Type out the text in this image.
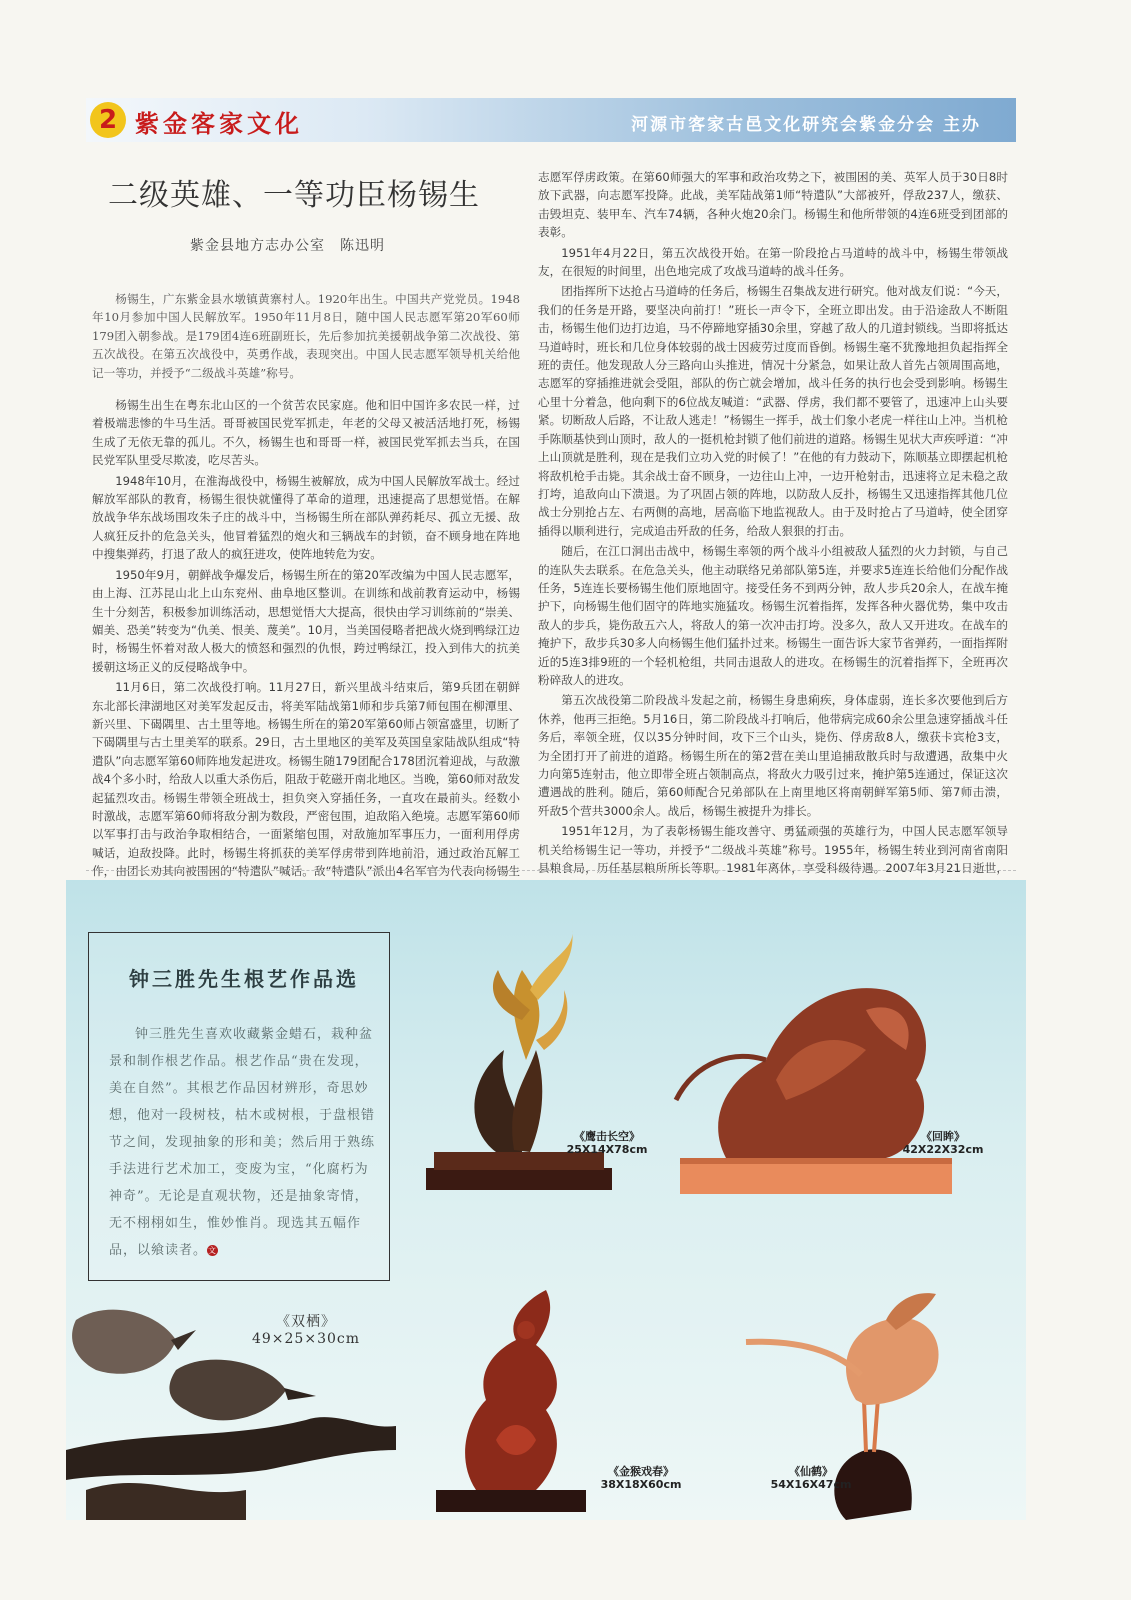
2 紫金客家文化	河源市客家古邑文化研究会紫金分会 主办
二级英雄、一等功臣杨锡生
紫金县地方志办公室　陈迅明

杨锡生，广东紫金县水墩镇黄寨村人。1920年出生。中国共产党党员。1948年10月参加中国人民解放军。1950年11月8日，随中国人民志愿军第20军60师179团入朝参战。是179团4连6班副班长，先后参加抗美援朝战争第二次战役、第五次战役。在第五次战役中，英勇作战，表现突出。中国人民志愿军领导机关给他记一等功，并授予“二级战斗英雄”称号。

杨锡生出生在粤东北山区的一个贫苦农民家庭。他和旧中国许多农民一样，过着极端悲惨的牛马生活。哥哥被国民党军抓走，年老的父母又被活活地打死，杨锡生成了无依无靠的孤儿。不久，杨锡生也和哥哥一样，被国民党军抓去当兵，在国民党军队里受尽欺凌，吃尽苦头。

1948年10月，在淮海战役中，杨锡生被解放，成为中国人民解放军战士。经过解放军部队的教育，杨锡生很快就懂得了革命的道理，迅速提高了思想觉悟。在解放战争华东战场围攻朱子庄的战斗中，当杨锡生所在部队弹药耗尽、孤立无援、敌人疯狂反扑的危急关头，他冒着猛烈的炮火和三辆战车的封锁，奋不顾身地在阵地中搜集弹药，打退了敌人的疯狂进攻，使阵地转危为安。

1950年9月，朝鲜战争爆发后，杨锡生所在的第20军改编为中国人民志愿军，由上海、江苏昆山北上山东兖州、曲阜地区整训。在训练和战前教育运动中，杨锡生十分刻苦，积极参加训练活动，思想觉悟大大提高，很快由学习训练前的“崇美、媚美、恐美”转变为“仇美、恨美、蔑美”。10月，当美国侵略者把战火烧到鸭绿江边时，杨锡生怀着对敌人极大的愤怒和强烈的仇恨，跨过鸭绿江，投入到伟大的抗美援朝这场正义的反侵略战争中。

11月6日，第二次战役打响。11月27日，新兴里战斗结束后，第9兵团在朝鲜东北部长津湖地区对美军发起反击，将美军陆战第1师和步兵第7师包围在柳潭里、新兴里、下碣隅里、古土里等地。杨锡生所在的第20军第60师占领富盛里，切断了下碣隅里与古土里美军的联系。29日，古土里地区的美军及英国皇家陆战队组成“特遣队”向志愿军第60师阵地发起进攻。杨锡生随179团配合178团沉着迎战，与敌激战4个多小时，给敌人以重大杀伤后，阻敌于乾磁开南北地区。当晚，第60师对敌发起猛烈攻击。杨锡生带领全班战士，担负突入穿插任务，一直攻在最前头。经数小时激战，志愿军第60师将敌分割为数段，严密包围，迫敌陷入绝境。志愿军第60师以军事打击与政治争取相结合，一面紧缩包围，对敌施加军事压力，一面利用俘虏喊话，迫敌投降。此时，杨锡生将抓获的美军俘虏带到阵地前沿，通过政治瓦解工作，由团长劝其向被围困的“特遣队”喊话。敌“特遣队”派出4名军官为代表向杨锡生

志愿军俘虏政策。在第60师强大的军事和政治攻势之下，被围困的美、英军人员于30日8时放下武器，向志愿军投降。此战，美军陆战第1师“特遣队”大部被歼，俘敌237人，缴获、击毁坦克、装甲车、汽车74辆，各种火炮20余门。杨锡生和他所带领的4连6班受到团部的表彰。

1951年4月22日，第五次战役开始。在第一阶段抢占马道峙的战斗中，杨锡生带领战友，在很短的时间里，出色地完成了攻战马道峙的战斗任务。

团指挥所下达抢占马道峙的任务后，杨锡生召集战友进行研究。他对战友们说：“今天，我们的任务是开路，要坚决向前打！”班长一声令下，全班立即出发。由于沿途敌人不断阻击，杨锡生他们边打边追，马不停蹄地穿插30余里，穿越了敌人的几道封锁线。当即将抵达马道峙时，班长和几位身体较弱的战士因疲劳过度而昏倒。杨锡生毫不犹豫地担负起指挥全班的责任。他发现敌人分三路向山头推进，情况十分紧急，如果让敌人首先占领周围高地，志愿军的穿插推进就会受阻，部队的伤亡就会增加，战斗任务的执行也会受到影响。杨锡生心里十分着急，他向剩下的6位战友喊道：“武器、俘虏，我们都不要管了，迅速冲上山头要紧。切断敌人后路，不让敌人逃走！”杨锡生一挥手，战士们象小老虎一样往山上冲。当机枪手陈顺基快到山顶时，敌人的一挺机枪封锁了他们前进的道路。杨锡生见状大声疾呼道：“冲上山顶就是胜利，现在是我们立功入党的时候了！”在他的有力鼓动下，陈顺基立即摆起机枪将敌机枪手击毙。其余战士奋不顾身，一边往山上冲，一边开枪射击，迅速将立足未稳之敌打垮，追敌向山下溃退。为了巩固占领的阵地，以防敌人反扑，杨锡生又迅速指挥其他几位战士分别抢占左、右两侧的高地，居高临下地监视敌人。由于及时抢占了马道峙，使全团穿插得以顺利进行，完成追击歼敌的任务，给敌人狠狠的打击。

随后，在江口洞出击战中，杨锡生率领的两个战斗小组被敌人猛烈的火力封锁，与自己的连队失去联系。在危急关头，他主动联络兄弟部队第5连，并要求5连连长给他们分配作战任务，5连连长要杨锡生他们原地固守。接受任务不到两分钟，敌人步兵20余人，在战车掩护下，向杨锡生他们固守的阵地实施猛攻。杨锡生沉着指挥，发挥各种火器优势，集中攻击敌人的步兵，毙伤敌五六人，将敌人的第一次冲击打垮。没多久，敌人又开进攻。在战车的掩护下，敌步兵30多人向杨锡生他们猛扑过来。杨锡生一面告诉大家节省弹药，一面指挥附近的5连3排9班的一个轻机枪组，共同击退敌人的进攻。在杨锡生的沉着指挥下，全班再次粉碎敌人的进攻。

第五次战役第二阶段战斗发起之前，杨锡生身患痢疾，身体虚弱，连长多次要他到后方休养，他再三拒绝。5月16日，第二阶段战斗打响后，他带病完成60余公里急速穿插战斗任务后，率领全班，仅以35分钟时间，攻下三个山头，毙伤、俘虏敌8人，缴获卡宾枪3支，为全团打开了前进的道路。杨锡生所在的第2营在美山里追捕敌散兵时与敌遭遇，敌集中火力向第5连射击，他立即带全班占领制高点，将敌火力吸引过来，掩护第5连通过，保证这次遭遇战的胜利。随后，第60师配合兄弟部队在上南里地区将南朝鲜军第5师、第7师击溃，歼敌5个营共3000余人。战后，杨锡生被提升为排长。

1951年12月，为了表彰杨锡生能攻善守、勇猛顽强的英雄行为，中国人民志愿军领导机关给杨锡生记一等功，并授予“二级战斗英雄”称号。1955年，杨锡生转业到河南省南阳县粮食局，历任基层粮所所长等职。1981年离休，享受科级待遇。2007年3月21日逝世，

钟三胜先生根艺作品选

钟三胜先生喜欢收藏紫金蜡石，栽种盆景和制作根艺作品。根艺作品“贵在发现，美在自然”。其根艺作品因材辨形，奇思妙想，他对一段树枝，枯木或树根，于盘根错节之间，发现抽象的形和美；然后用于熟练手法进行艺术加工，变废为宝，“化腐朽为神奇”。无论是直观状物，还是抽象寄情，无不栩栩如生，惟妙惟肖。现选其五幅作品，以飨读者。文

《鹰击长空》
25X14X78cm
《回眸》
42X22X32cm
《双栖》
49×25×30cm
《金猴戏春》
38X18X60cm
《仙鹤》
54X16X47cm
